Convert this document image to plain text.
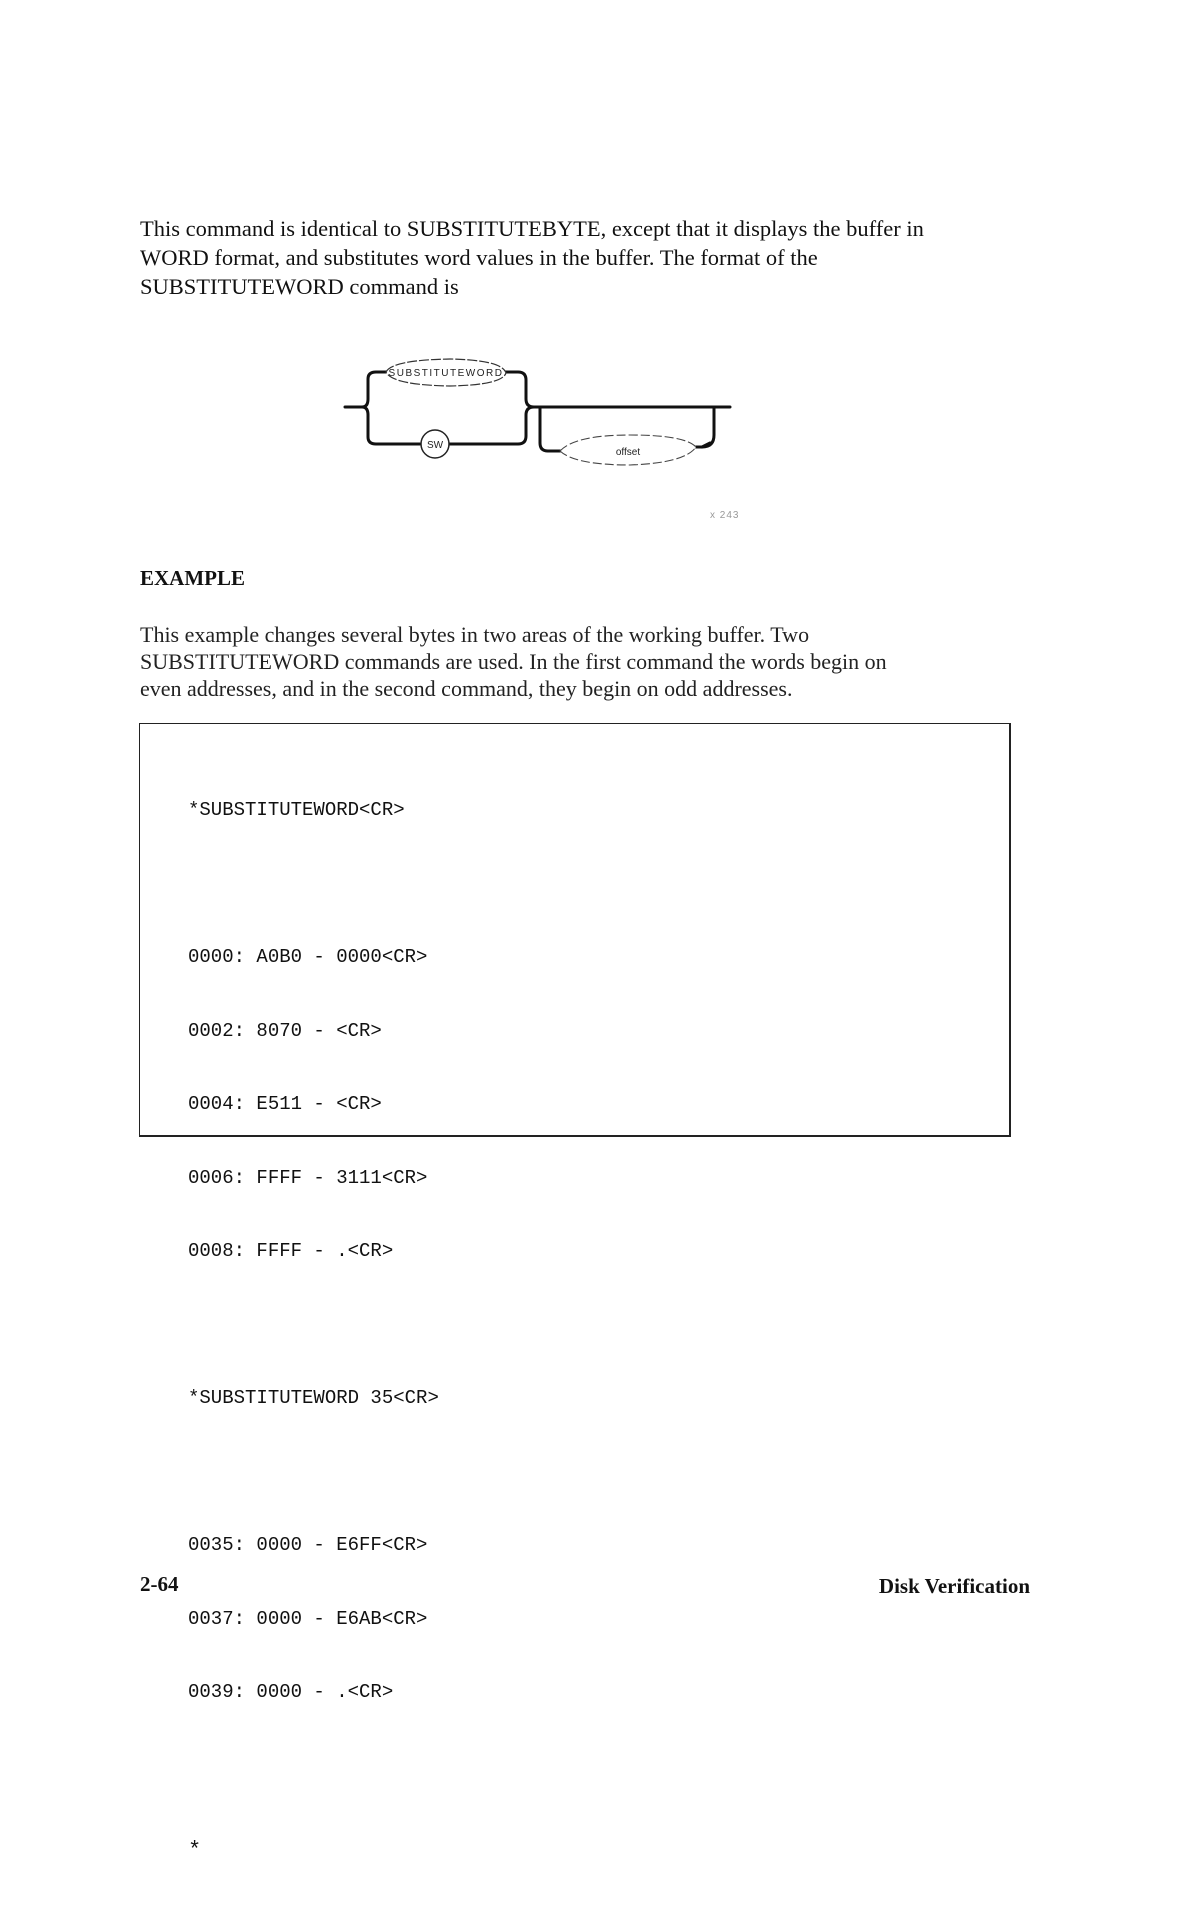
This command is identical to SUBSTITUTEBYTE, except that it displays the buffer in
WORD format, and substitutes word values in the buffer. The format of the
SUBSTITUTEWORD command is

SUBSTITUTEWORD
SW
offset
x 243
EXAMPLE

This example changes several bytes in two areas of the working buffer. Two
SUBSTITUTEWORD commands are used. In the first command the words begin on
even addresses, and in the second command, they begin on odd addresses.

*SUBSTITUTEWORD<CR>

0000: A0B0 - 0000<CR>

0002: 8070 - <CR>

0004: E511 - <CR>

0006: FFFF - 3111<CR>

0008: FFFF - .<CR>

*SUBSTITUTEWORD 35<CR>

0035: 0000 - E6FF<CR>

0037: 0000 - E6AB<CR>

0039: 0000 - .<CR>

*

2-64	Disk Verification
